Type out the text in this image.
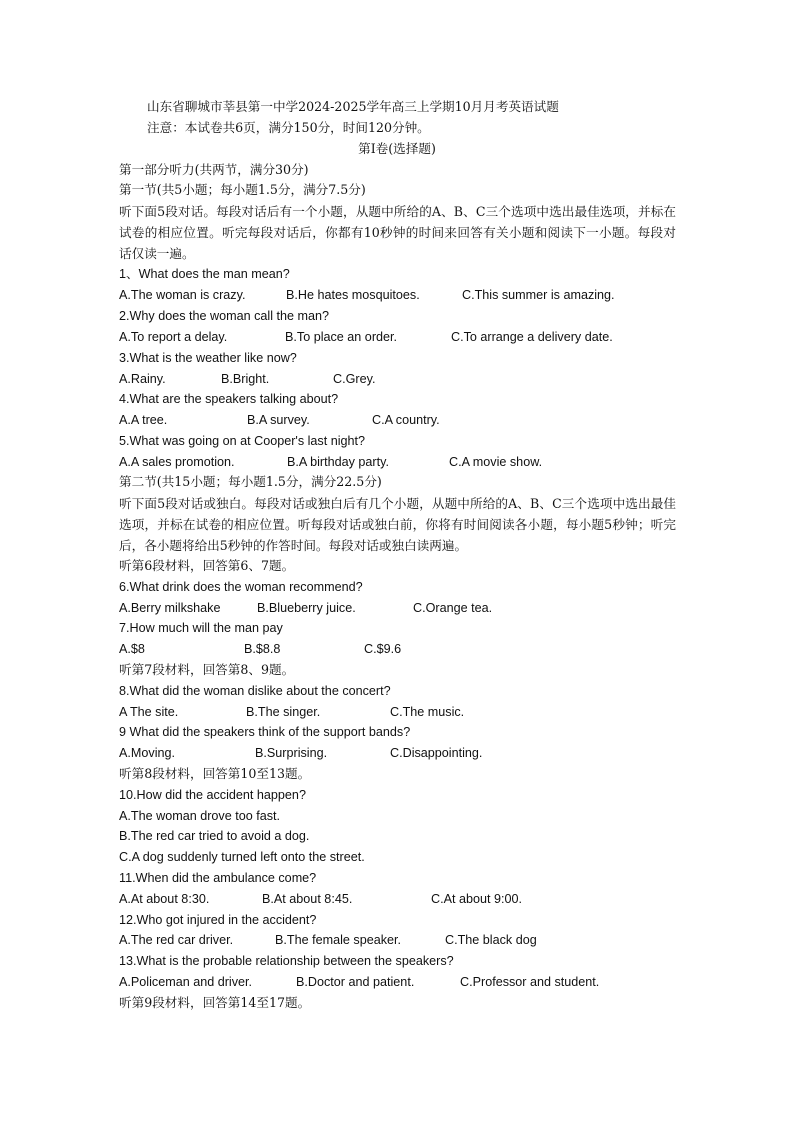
山东省聊城市莘县第一中学2024-2025学年高三上学期10月月考英语试题
注意：本试卷共6页，满分150分，时间120分钟。
第I卷(选择题)
第一部分听力(共两节，满分30分)
第一节(共5小题；每小题1.5分，满分7.5分)
听下面5段对话。每段对话后有一个小题，从题中所给的A、B、C三个选项中选出最佳选项，并标在试卷的相应位置。听完每段对话后，你都有10秒钟的时间来回答有关小题和阅读下一小题。每段对话仅读一遍。
1、What does the man mean?
A.The woman is crazy.	B.He hates mosquitoes.	C.This summer is amazing.
2.Why does the woman call the man?
A.To report a delay.	B.To place an order.	C.To arrange a delivery date.
3.What is the weather like now?
A.Rainy.	B.Bright.	C.Grey.
4.What are the speakers talking about?
A.A tree.	B.A survey.	C.A country.
5.What was going on at Cooper's last night?
A.A sales promotion.	B.A birthday party.	C.A movie show.
第二节(共15小题；每小题1.5分，满分22.5分)
听下面5段对话或独白。每段对话或独白后有几个小题，从题中所给的A、B、C三个选项中选出最佳选项，并标在试卷的相应位置。听每段对话或独白前，你将有时间阅读各小题，每小题5秒钟；听完后，各小题将给出5秒钟的作答时间。每段对话或独白读两遍。
听第6段材料，回答第6、7题。
6.What drink does the woman recommend?
A.Berry milkshake	B.Blueberry juice.	C.Orange tea.
7.How much will the man pay
A.$8	B.$8.8	C.$9.6
听第7段材料，回答第8、9题。
8.What did the woman dislike about the concert?
A The site.	B.The singer.	C.The music.
9 What did the speakers think of the support bands?
A.Moving.	B.Surprising.	C.Disappointing.
听第8段材料，回答第10至13题。
10.How did the accident happen?
A.The woman drove too fast.
B.The red car tried to avoid a dog.
C.A dog suddenly turned left onto the street.
11.When did the ambulance come?
A.At about 8:30.	B.At about 8:45.	C.At about 9:00.
12.Who got injured in the accident?
A.The red car driver.	B.The female speaker.	C.The black dog
13.What is the probable relationship between the speakers?
A.Policeman and driver.	B.Doctor and patient.	C.Professor and student.
听第9段材料，回答第14至17题。
